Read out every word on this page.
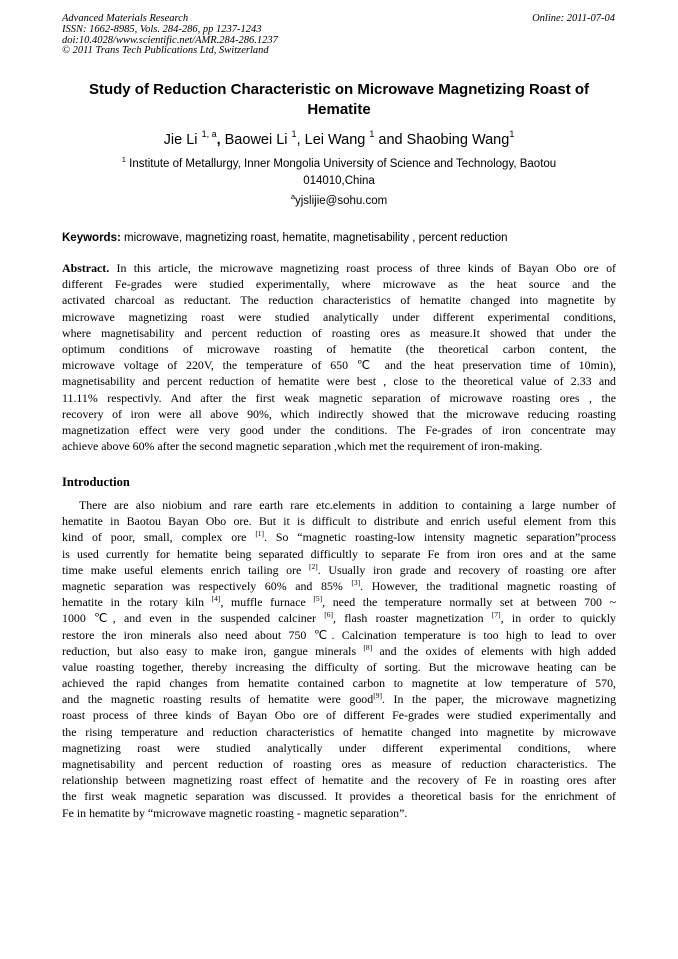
Advanced Materials Research
ISSN: 1662-8985, Vols. 284-286, pp 1237-1243
doi:10.4028/www.scientific.net/AMR.284-286.1237
© 2011 Trans Tech Publications Ltd, Switzerland
Online: 2011-07-04
Study of Reduction Characteristic on Microwave Magnetizing Roast of
Hematite
Jie Li $^{1, a}$, Baowei Li $^1$, Lei Wang $^1$ and Shaobing Wang$^1$
$^1$ Institute of Metallurgy, Inner Mongolia University of Science and Technology, Baotou
014010,China
$^a$yjslijie@sohu.com
Keywords: microwave, magnetizing roast, hematite, magnetisability , percent reduction
Abstract. In this article, the microwave magnetizing roast process of three kinds of Bayan Obo ore of
different Fe-grades were studied experimentally, where microwave as the heat source and the
activated charcoal as reductant. The reduction characteristics of hematite changed into magnetite by
microwave magnetizing roast were studied analytically under different experimental conditions,
where magnetisability and percent reduction of roasting ores as measure.It showed that under the
optimum conditions of microwave roasting of hematite (the theoretical carbon content, the
microwave voltage of 220V, the temperature of 650 ℃ and the heat preservation time of 10min),
magnetisability and percent reduction of hematite were best , close to the theoretical value of 2.33 and
11.11% respectivly. And after the first weak magnetic separation of microwave roasting ores , the
recovery of iron were all above 90%, which indirectly showed that the microwave reducing roasting
magnetization effect were very good under the conditions. The Fe-grades of iron concentrate may
achieve above 60% after the second magnetic separation ,which met the requirement of iron-making.
Introduction
There are also niobium and rare earth rare etc.elements in addition to containing a large number of
hematite in Baotou Bayan Obo ore. But it is difficult to distribute and enrich useful element from this
kind of poor, small, complex ore [1]. So “magnetic roasting-low intensity magnetic separation”process
is used currently for hematite being separated difficultly to separate Fe from iron ores and at the same
time make useful elements enrich tailing ore [2]. Usually iron grade and recovery of roasting ore after
magnetic separation was respectively 60% and 85% [3]. However, the traditional magnetic roasting of
hematite in the rotary kiln [4], muffle furnace [5], need the temperature normally set at between 700 ~
1000 ℃, and even in the suspended calciner [6], flash roaster magnetization [7], in order to quickly
restore the iron minerals also need about 750 ℃. Calcination temperature is too high to lead to over
reduction, but also easy to make iron, gangue minerals [8] and the oxides of elements with high added
value roasting together, thereby increasing the difficulty of sorting. But the microwave heating can be
achieved the rapid changes from hematite contained carbon to magnetite at low temperature of 570,
and the magnetic roasting results of hematite were good[9]. In the paper, the microwave magnetizing
roast process of three kinds of Bayan Obo ore of different Fe-grades were studied experimentally and
the rising temperature and reduction characteristics of hematite changed into magnetite by microwave
magnetizing roast were studied analytically under different experimental conditions, where
magnetisability and percent reduction of roasting ores as measure of reduction characteristics. The
relationship between magnetizing roast effect of hematite and the recovery of Fe in roasting ores after
the first weak magnetic separation was discussed. It provides a theoretical basis for the enrichment of
Fe in hematite by “microwave magnetic roasting - magnetic separation”.
